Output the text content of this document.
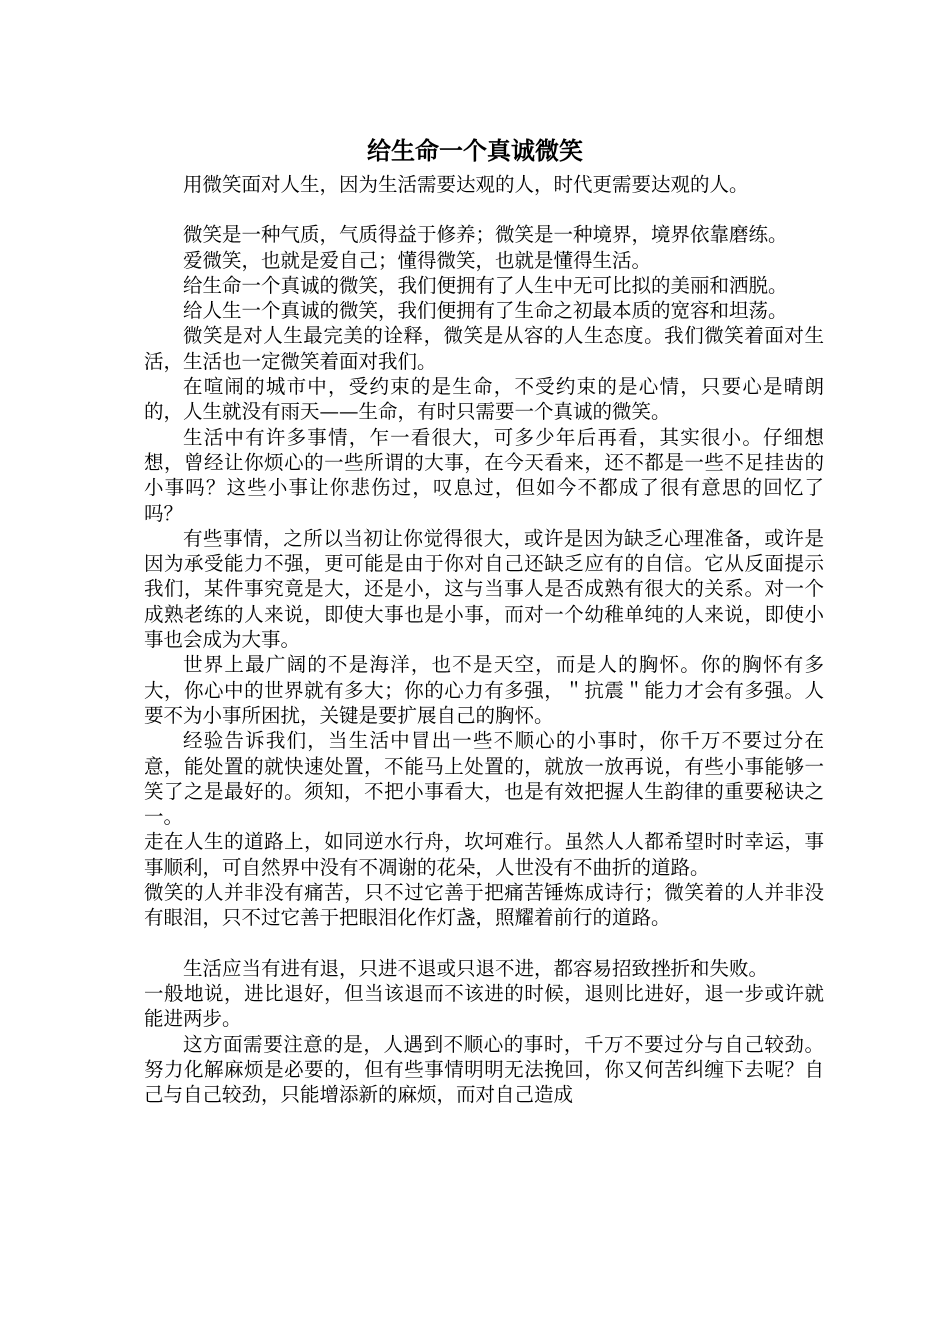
给生命一个真诚微笑

用微笑面对人生，因为生活需要达观的人，时代更需要达观的人。

微笑是一种气质，气质得益于修养；微笑是一种境界，境界依靠磨练。

爱微笑，也就是爱自己；懂得微笑，也就是懂得生活。

给生命一个真诚的微笑，我们便拥有了人生中无可比拟的美丽和洒脱。

给人生一个真诚的微笑，我们便拥有了生命之初最本质的宽容和坦荡。

微笑是对人生最完美的诠释，微笑是从容的人生态度。我们微笑着面对生活，生活也一定微笑着面对我们。

在喧闹的城市中，受约束的是生命，不受约束的是心情，只要心是晴朗的，人生就没有雨天——生命，有时只需要一个真诚的微笑。

生活中有许多事情，乍一看很大，可多少年后再看，其实很小。仔细想想，曾经让你烦心的一些所谓的大事，在今天看来，还不都是一些不足挂齿的小事吗？这些小事让你悲伤过，叹息过，但如今不都成了很有意思的回忆了吗？

有些事情，之所以当初让你觉得很大，或许是因为缺乏心理准备，或许是因为承受能力不强，更可能是由于你对自己还缺乏应有的自信。它从反面提示我们，某件事究竟是大，还是小，这与当事人是否成熟有很大的关系。对一个成熟老练的人来说，即使大事也是小事，而对一个幼稚单纯的人来说，即使小事也会成为大事。

世界上最广阔的不是海洋，也不是天空，而是人的胸怀。你的胸怀有多大，你心中的世界就有多大；你的心力有多强，＂抗震＂能力才会有多强。人要不为小事所困扰，关键是要扩展自己的胸怀。

经验告诉我们，当生活中冒出一些不顺心的小事时，你千万不要过分在意，能处置的就快速处置，不能马上处置的，就放一放再说，有些小事能够一笑了之是最好的。须知，不把小事看大，也是有效把握人生韵律的重要秘诀之一。

走在人生的道路上，如同逆水行舟，坎坷难行。虽然人人都希望时时幸运，事事顺利，可自然界中没有不凋谢的花朵，人世没有不曲折的道路。

微笑的人并非没有痛苦，只不过它善于把痛苦锤炼成诗行；微笑着的人并非没有眼泪，只不过它善于把眼泪化作灯盏，照耀着前行的道路。

生活应当有进有退，只进不退或只退不进，都容易招致挫折和失败。

一般地说，进比退好，但当该退而不该进的时候，退则比进好，退一步或许就能进两步。

这方面需要注意的是，人遇到不顺心的事时，千万不要过分与自己较劲。努力化解麻烦是必要的，但有些事情明明无法挽回，你又何苦纠缠下去呢？自己与自己较劲，只能增添新的麻烦，而对自己造成
